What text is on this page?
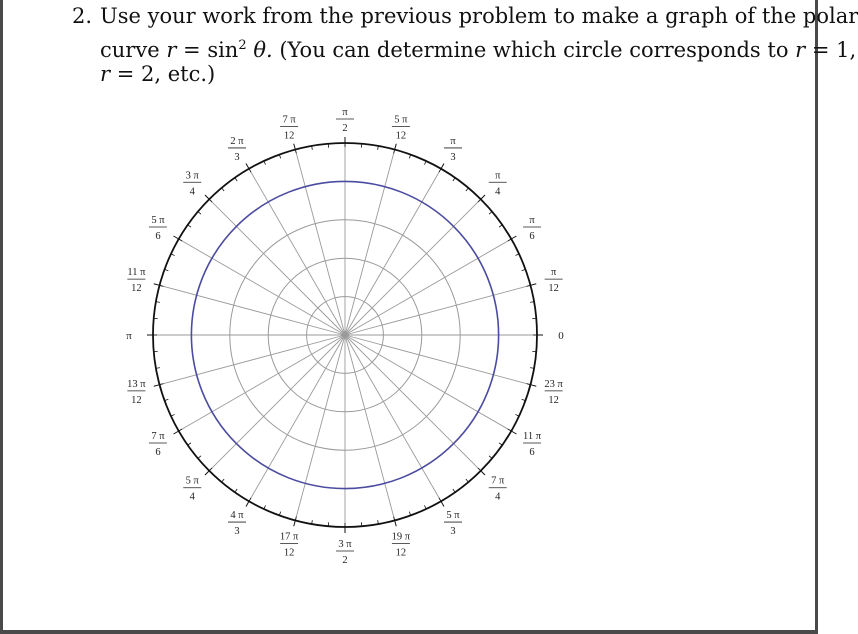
2. Use your work from the previous problem to make a graph of the polar
curve $r = \sin^2 \theta$. (You can determine which circle corresponds to r = 1,
r = 2, etc.)
0
π
12
π
6
π
4
π
3
5 π
12
π
2
7 π
12
2 π
3
3 π
4
5 π
6
11 π
12
π
13 π
12
7 π
6
5 π
4
4 π
3
17 π
12
3 π
2
19 π
12
5 π
3
7 π
4
11 π
6
23 π
12
